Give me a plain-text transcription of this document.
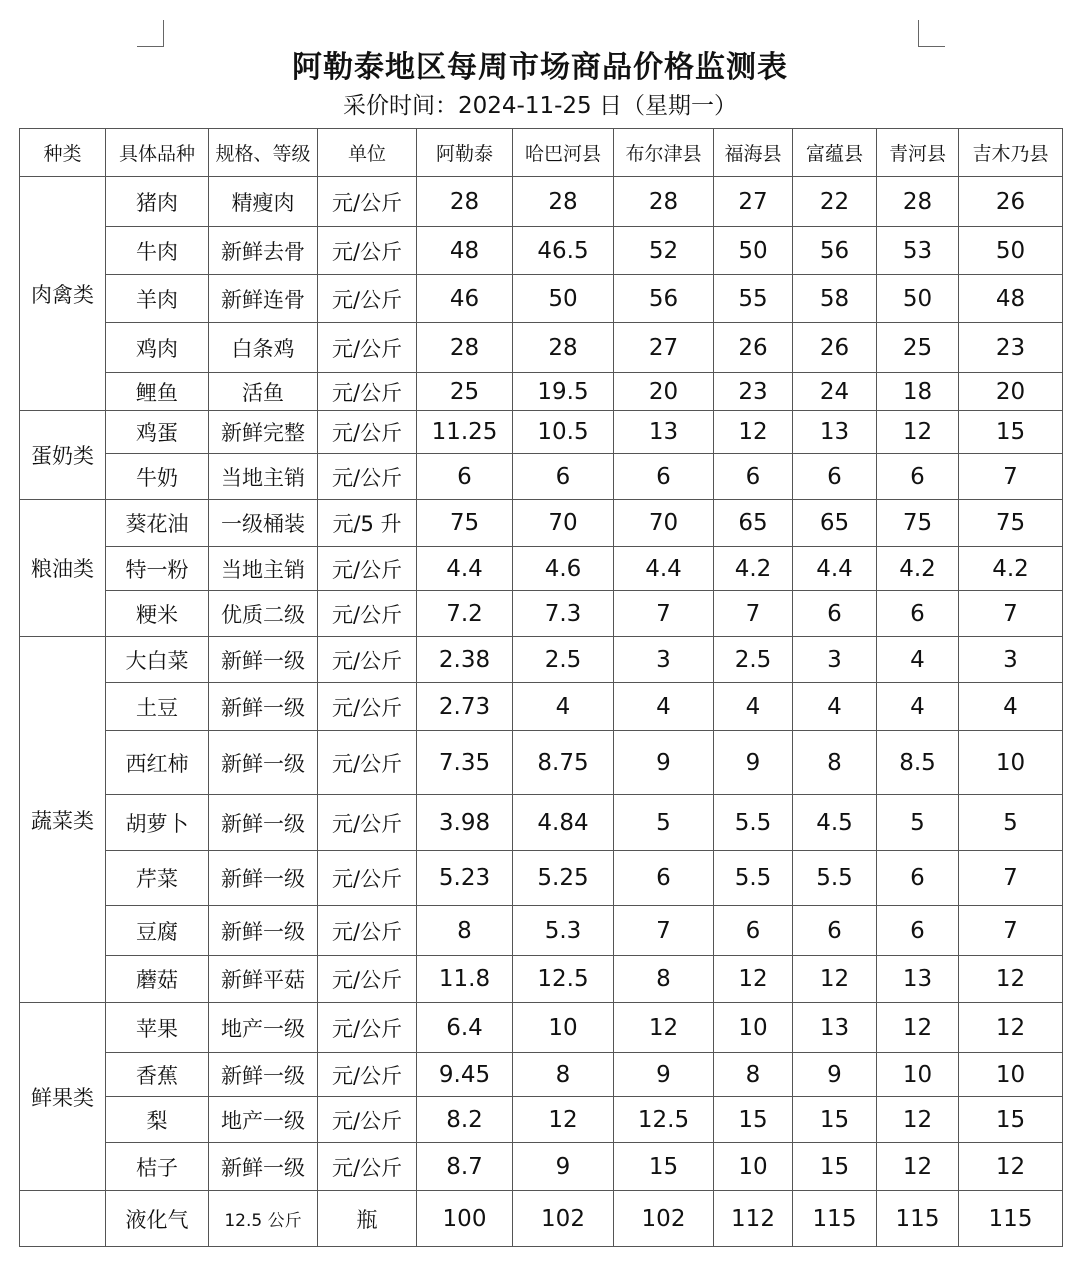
阿勒泰地区每周市场商品价格监测表
采价时间：2024-11-25 日（星期一）
种类	具体品种	规格、等级	单位	阿勒泰	哈巴河县	布尔津县	福海县	富蕴县	青河县	吉木乃县
肉禽类	猪肉	精瘦肉	元/公斤	28	28	28	27	22	28	26
	牛肉	新鲜去骨	元/公斤	48	46.5	52	50	56	53	50
	羊肉	新鲜连骨	元/公斤	46	50	56	55	58	50	48
	鸡肉	白条鸡	元/公斤	28	28	27	26	26	25	23
	鲤鱼	活鱼	元/公斤	25	19.5	20	23	24	18	20
蛋奶类	鸡蛋	新鲜完整	元/公斤	11.25	10.5	13	12	13	12	15
	牛奶	当地主销	元/公斤	6	6	6	6	6	6	7
粮油类	葵花油	一级桶装	元/5 升	75	70	70	65	65	75	75
	特一粉	当地主销	元/公斤	4.4	4.6	4.4	4.2	4.4	4.2	4.2
	粳米	优质二级	元/公斤	7.2	7.3	7	7	6	6	7
蔬菜类	大白菜	新鲜一级	元/公斤	2.38	2.5	3	2.5	3	4	3
	土豆	新鲜一级	元/公斤	2.73	4	4	4	4	4	4
	西红柿	新鲜一级	元/公斤	7.35	8.75	9	9	8	8.5	10
	胡萝卜	新鲜一级	元/公斤	3.98	4.84	5	5.5	4.5	5	5
	芹菜	新鲜一级	元/公斤	5.23	5.25	6	5.5	5.5	6	7
	豆腐	新鲜一级	元/公斤	8	5.3	7	6	6	6	7
	蘑菇	新鲜平菇	元/公斤	11.8	12.5	8	12	12	13	12
鲜果类	苹果	地产一级	元/公斤	6.4	10	12	10	13	12	12
	香蕉	新鲜一级	元/公斤	9.45	8	9	8	9	10	10
	梨	地产一级	元/公斤	8.2	12	12.5	15	15	12	15
	桔子	新鲜一级	元/公斤	8.7	9	15	10	15	12	12
	液化气	12.5 公斤	瓶	100	102	102	112	115	115	115
